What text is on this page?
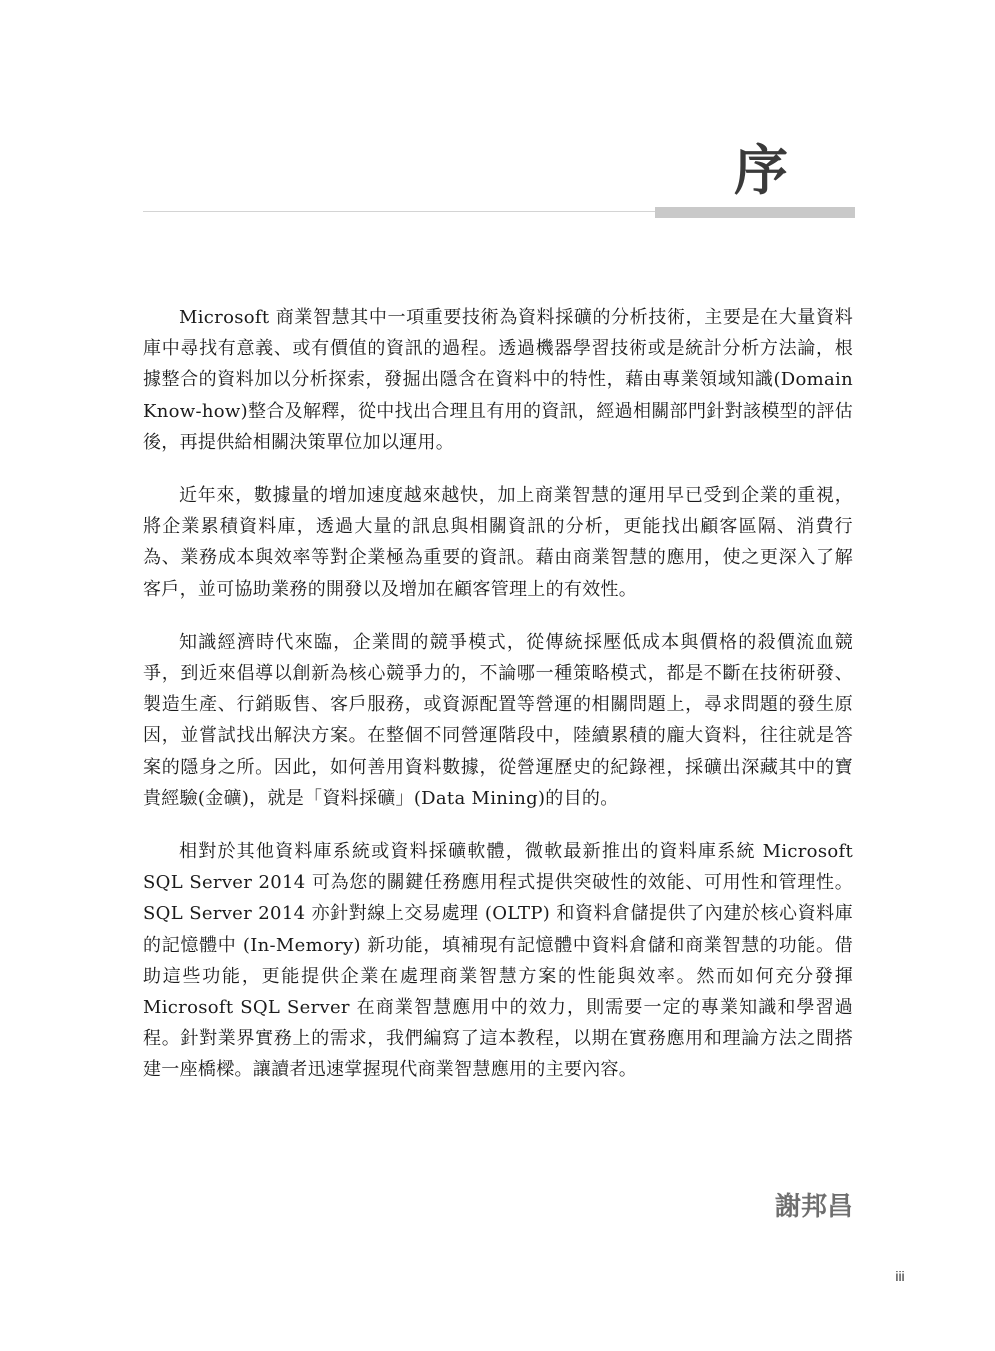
序

Microsoft 商業智慧其中一項重要技術為資料採礦的分析技術，主要是在大量資料庫中尋找有意義、或有價值的資訊的過程。透過機器學習技術或是統計分析方法論，根據整合的資料加以分析探索，發掘出隱含在資料中的特性，藉由專業領域知識(Domain Know-how)整合及解釋，從中找出合理且有用的資訊，經過相關部門針對該模型的評估後，再提供給相關決策單位加以運用。

近年來，數據量的增加速度越來越快，加上商業智慧的運用早已受到企業的重視，將企業累積資料庫，透過大量的訊息與相關資訊的分析，更能找出顧客區隔、消費行為、業務成本與效率等對企業極為重要的資訊。藉由商業智慧的應用，使之更深入了解客戶，並可協助業務的開發以及增加在顧客管理上的有效性。

知識經濟時代來臨，企業間的競爭模式，從傳統採壓低成本與價格的殺價流血競爭，到近來倡導以創新為核心競爭力的，不論哪一種策略模式，都是不斷在技術研發、製造生產、行銷販售、客戶服務，或資源配置等營運的相關問題上，尋求問題的發生原因，並嘗試找出解決方案。在整個不同營運階段中，陸續累積的龐大資料，往往就是答案的隱身之所。因此，如何善用資料數據，從營運歷史的紀錄裡，採礦出深藏其中的寶貴經驗(金礦)，就是「資料採礦」(Data Mining)的目的。

相對於其他資料庫系統或資料採礦軟體，微軟最新推出的資料庫系統 Microsoft SQL Server 2014 可為您的關鍵任務應用程式提供突破性的效能、可用性和管理性。SQL Server 2014 亦針對線上交易處理 (OLTP) 和資料倉儲提供了內建於核心資料庫的記憶體中 (In-Memory) 新功能，填補現有記憶體中資料倉儲和商業智慧的功能。借助這些功能，更能提供企業在處理商業智慧方案的性能與效率。然而如何充分發揮 Microsoft SQL Server 在商業智慧應用中的效力，則需要一定的專業知識和學習過程。針對業界實務上的需求，我們編寫了這本教程，以期在實務應用和理論方法之間搭建一座橋樑。讓讀者迅速掌握現代商業智慧應用的主要內容。

謝邦昌
iii
